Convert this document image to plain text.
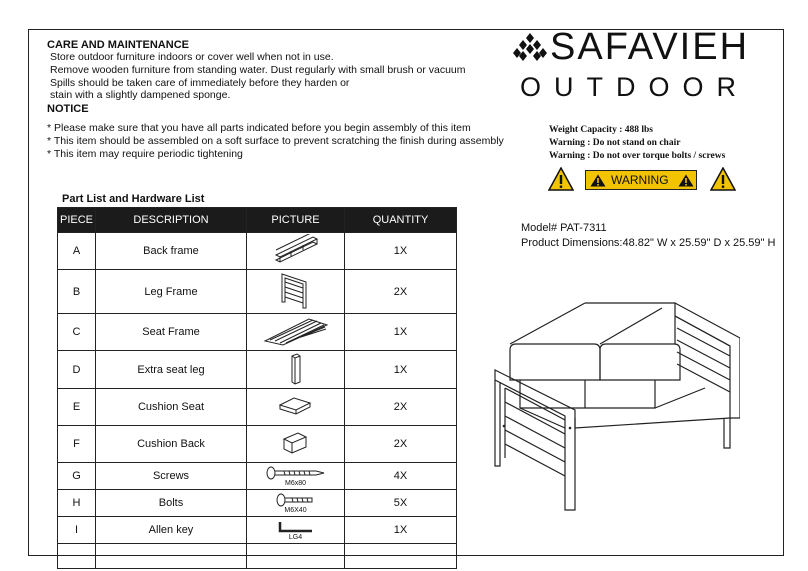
CARE AND MAINTENANCE
Store outdoor furniture indoors or cover well when not in use.
Remove wooden furniture from standing water. Dust regularly with small brush or vacuum
Spills should be taken care of immediately before they harden or
stain with a slightly dampened sponge.
NOTICE
* Please make sure that you have all parts indicated before you begin assembly of this item
* This item should be assembled on a soft surface to prevent scratching the finish during assembly
* This item may require periodic tightening
SAFAVIEH
OUTDOOR
Weight Capacity : 488 lbs
Warning : Do not stand on chair
Warning : Do not over torque bolts / screws
WARNING
Model# PAT-7311
Product Dimensions:48.82" W x 25.59" D x 25.59" H
Part List and Hardware List
PIECE	DESCRIPTION	PICTURE	QUANTITY
A	Back frame		1X
B	Leg Frame		2X
C	Seat Frame		1X
D	Extra seat leg		1X
E	Cushion Seat		2X
F	Cushion Back		2X
G	Screws	M6x80	4X
H	Bolts	M6X40	5X
I	Allen key	LG4	1X
